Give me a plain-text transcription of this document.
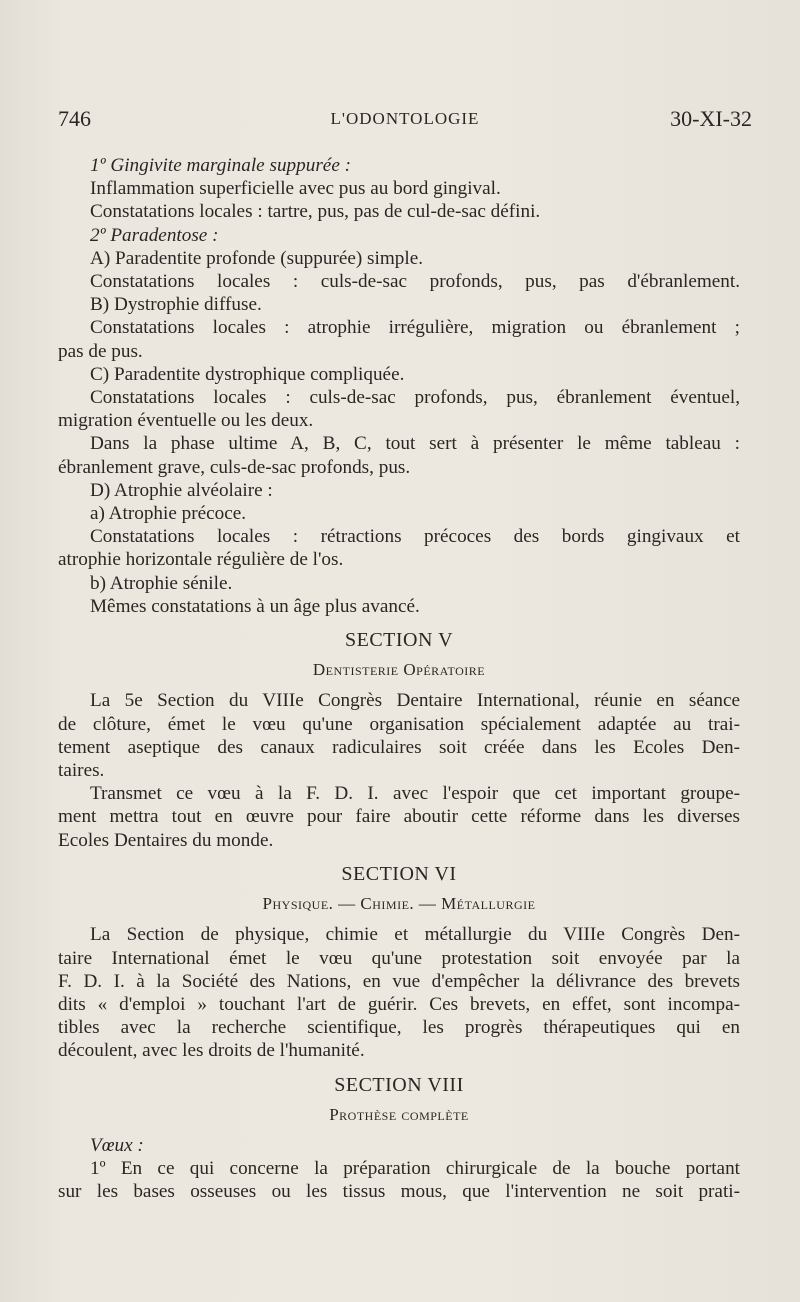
746	L'ODONTOLOGIE	30-XI-32

1º Gingivite marginale suppurée :

Inflammation superficielle avec pus au bord gingival.

Constatations locales : tartre, pus, pas de cul-de-sac défini.

2º Paradentose :

A) Paradentite profonde (suppurée) simple.

Constatations locales : culs-de-sac profonds, pus, pas d'ébranlement.

B) Dystrophie diffuse.

Constatations locales : atrophie irrégulière, migration ou ébranlement ;

pas de pus.

C) Paradentite dystrophique compliquée.

Constatations locales : culs-de-sac profonds, pus, ébranlement éventuel,

migration éventuelle ou les deux.

Dans la phase ultime A, B, C, tout sert à présenter le même tableau :

ébranlement grave, culs-de-sac profonds, pus.

D) Atrophie alvéolaire :

a) Atrophie précoce.

Constatations locales : rétractions précoces des bords gingivaux et

atrophie horizontale régulière de l'os.

b) Atrophie sénile.

Mêmes constatations à un âge plus avancé.

SECTION V

Dentisterie Opératoire

La 5e Section du VIIIe Congrès Dentaire International, réunie en séance

de clôture, émet le vœu qu'une organisation spécialement adaptée au trai-

tement aseptique des canaux radiculaires soit créée dans les Ecoles Den-

taires.

Transmet ce vœu à la F. D. I. avec l'espoir que cet important groupe-

ment mettra tout en œuvre pour faire aboutir cette réforme dans les diverses

Ecoles Dentaires du monde.

SECTION VI

Physique. — Chimie. — Métallurgie

La Section de physique, chimie et métallurgie du VIIIe Congrès Den-

taire International émet le vœu qu'une protestation soit envoyée par la

F. D. I. à la Société des Nations, en vue d'empêcher la délivrance des brevets

dits « d'emploi » touchant l'art de guérir. Ces brevets, en effet, sont incompa-

tibles avec la recherche scientifique, les progrès thérapeutiques qui en

découlent, avec les droits de l'humanité.

SECTION VIII

Prothèse complète

Vœux :

1º En ce qui concerne la préparation chirurgicale de la bouche portant

sur les bases osseuses ou les tissus mous, que l'intervention ne soit prati-
